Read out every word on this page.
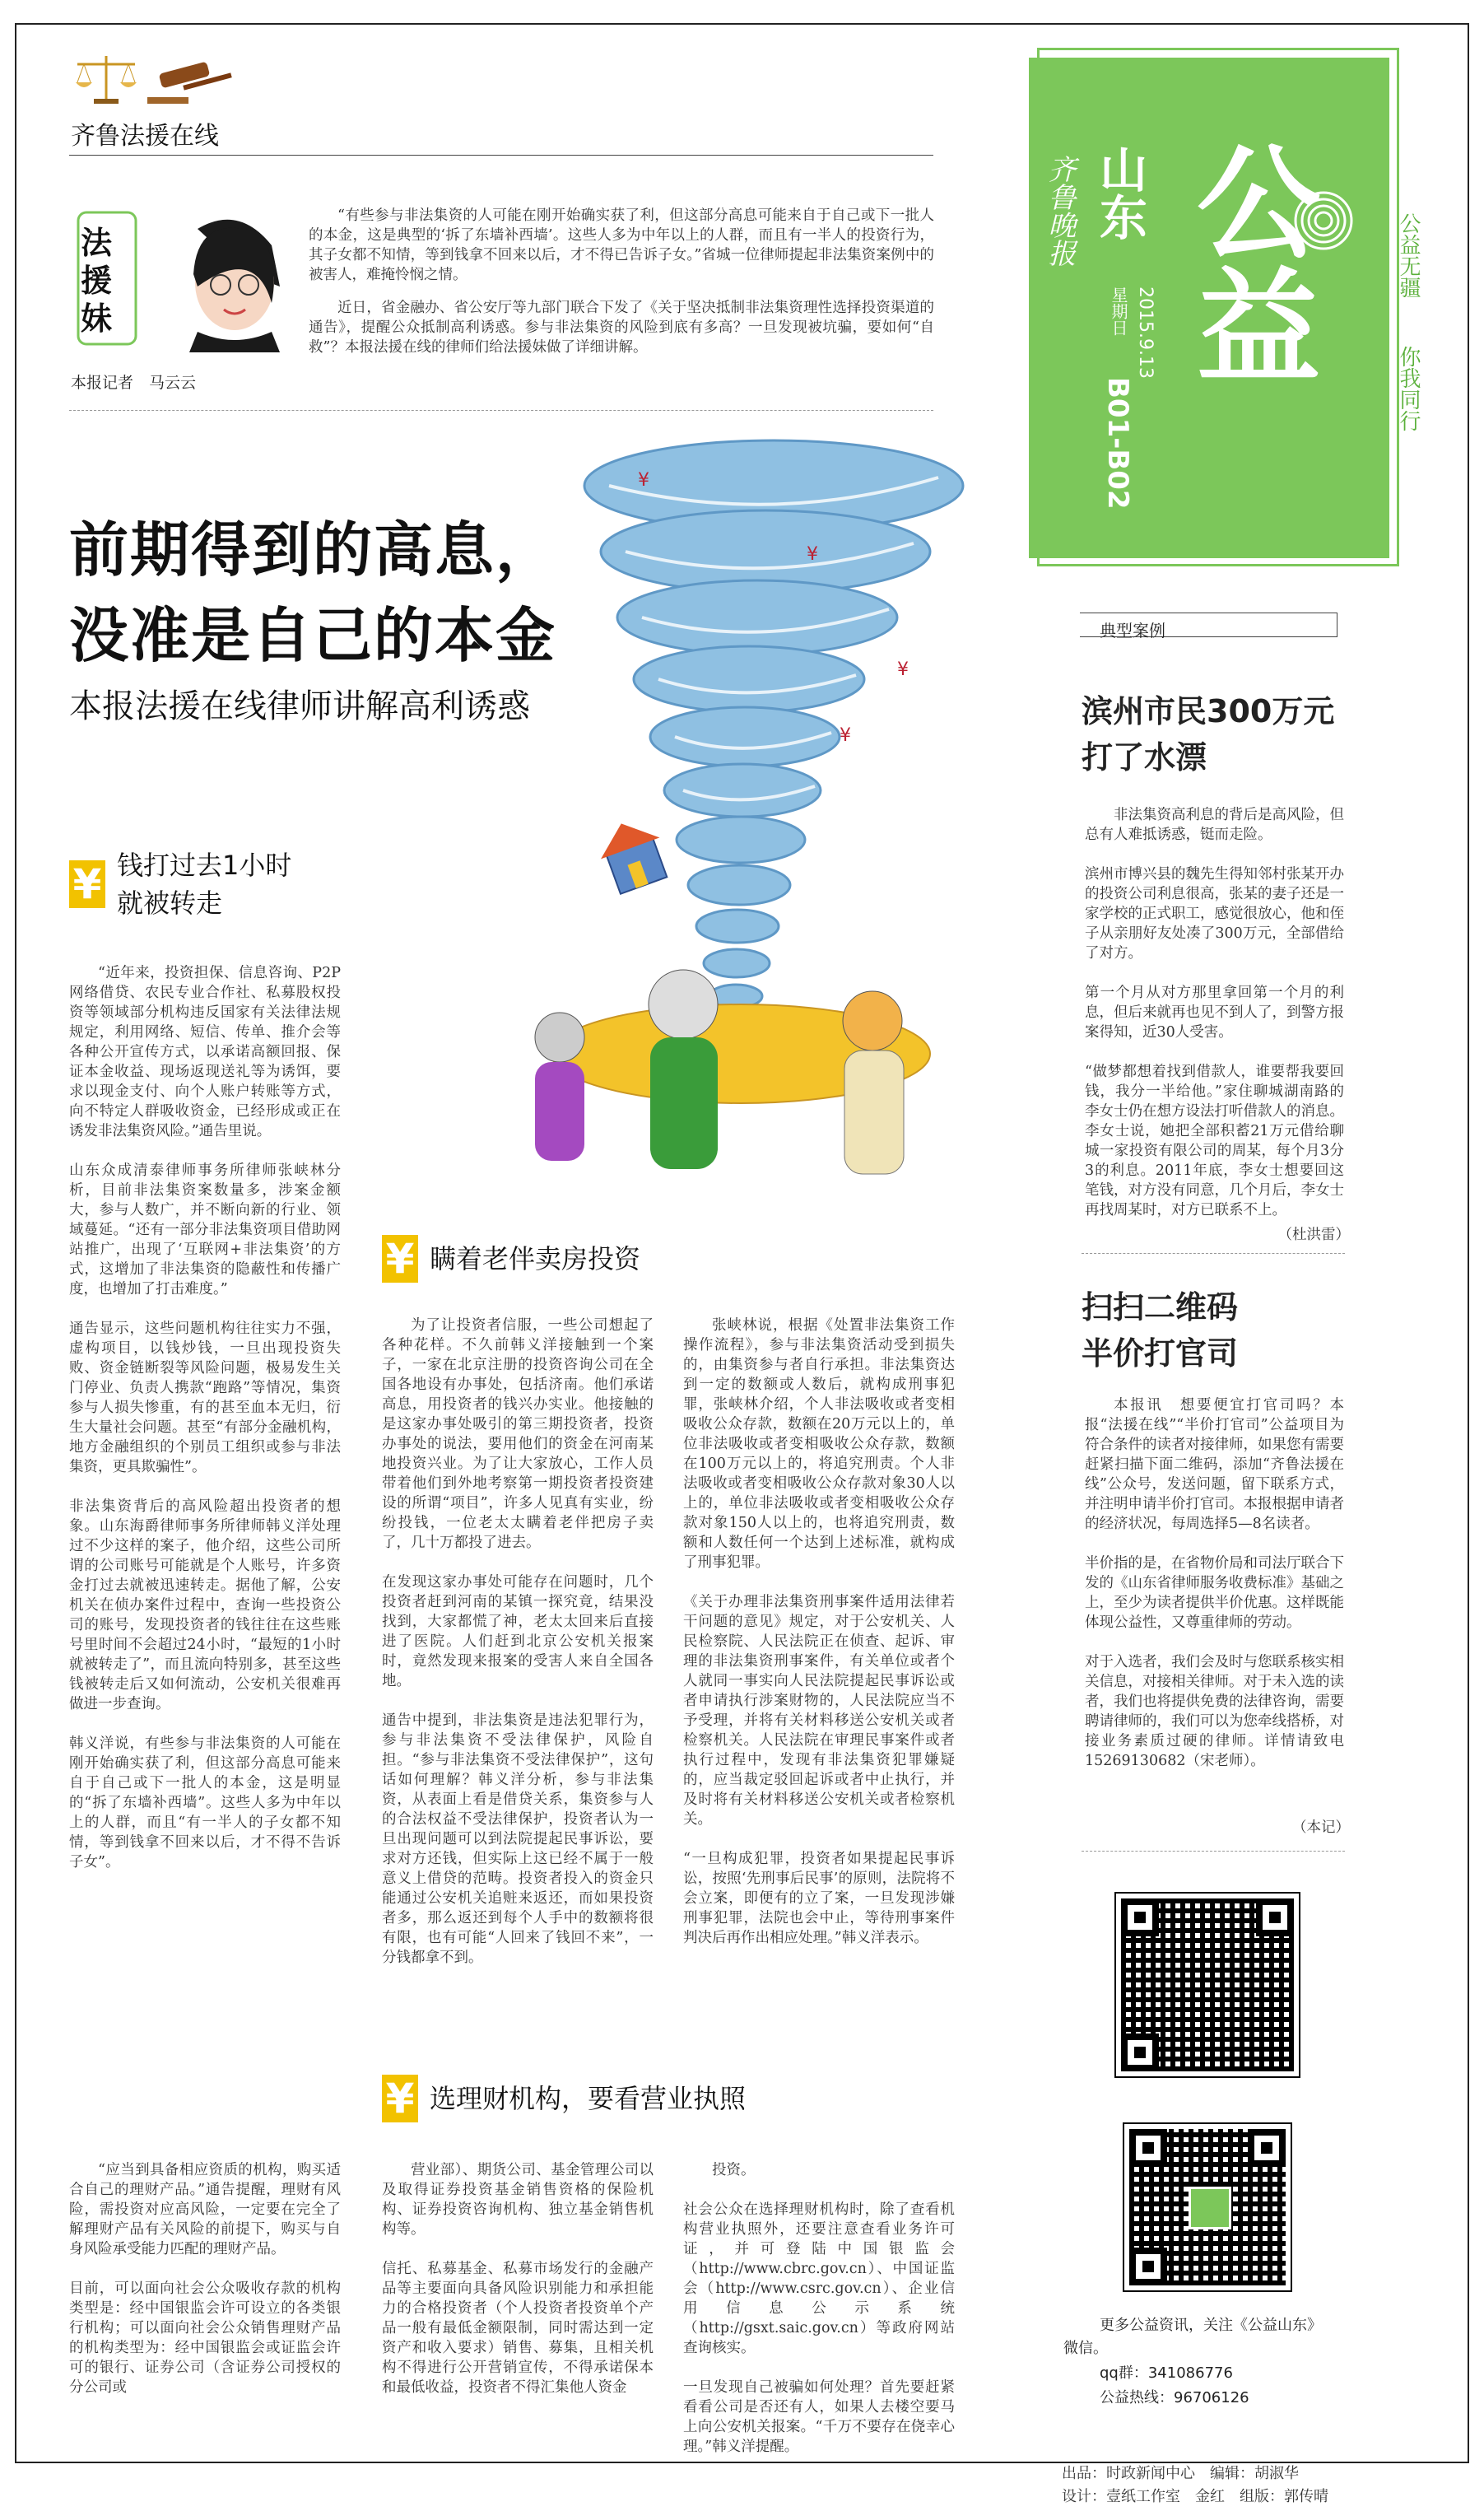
齐鲁法援在线
法
援
妹
本报记者　马云云
“有些参与非法集资的人可能在刚开始确实获了利，但这部分高息可能来自于自己或下一批人的本金，这是典型的‘拆了东墙补西墙’。这些人多为中年以上的人群，而且有一半人的投资行为，其子女都不知情，等到钱拿不回来以后，才不得已告诉子女。”省城一位律师提起非法集资案例中的被害人，难掩怜悯之情。
近日，省金融办、省公安厅等九部门联合下发了《关于坚决抵制非法集资理性选择投资渠道的通告》，提醒公众抵制高利诱惑。参与非法集资的风险到底有多高？一旦发现被坑骗，要如何“自救”？本报法援在线的律师们给法援妹做了详细讲解。
前期得到的高息，
没准是自己的本金
本报法援在线律师讲解高利诱惑
¥
¥
¥
¥
¥ 钱打过去1小时
就被转走
“近年来，投资担保、信息咨询、P2P网络借贷、农民专业合作社、私募股权投资等领域部分机构违反国家有关法律法规规定，利用网络、短信、传单、推介会等各种公开宣传方式，以承诺高额回报、保证本金收益、现场返现送礼等为诱饵，要求以现金支付、向个人账户转账等方式，向不特定人群吸收资金，已经形成或正在诱发非法集资风险。”通告里说。

山东众成清泰律师事务所律师张峡林分析，目前非法集资案数量多，涉案金额大，参与人数广，并不断向新的行业、领域蔓延。“还有一部分非法集资项目借助网站推广，出现了‘互联网+非法集资’的方式，这增加了非法集资的隐蔽性和传播广度，也增加了打击难度。”

通告显示，这些问题机构往往实力不强，虚构项目，以钱炒钱，一旦出现投资失败、资金链断裂等风险问题，极易发生关门停业、负责人携款“跑路”等情况，集资参与人损失惨重，有的甚至血本无归，衍生大量社会问题。甚至“有部分金融机构，地方金融组织的个别员工组织或参与非法集资，更具欺骗性”。

非法集资背后的高风险超出投资者的想象。山东海爵律师事务所律师韩义洋处理过不少这样的案子，他介绍，这些公司所谓的公司账号可能就是个人账号，许多资金打过去就被迅速转走。据他了解，公安机关在侦办案件过程中，查询一些投资公司的账号，发现投资者的钱往往在这些账号里时间不会超过24小时，“最短的1小时就被转走了”，而且流向特别多，甚至这些钱被转走后又如何流动，公安机关很难再做进一步查询。

韩义洋说，有些参与非法集资的人可能在刚开始确实获了利，但这部分高息可能来自于自己或下一批人的本金，这是明显的“拆了东墙补西墙”。这些人多为中年以上的人群，而且“有一半人的子女都不知情，等到钱拿不回来以后，才不得不告诉子女”。
¥ 瞒着老伴卖房投资
为了让投资者信服，一些公司想起了各种花样。不久前韩义洋接触到一个案子，一家在北京注册的投资咨询公司在全国各地设有办事处，包括济南。他们承诺高息，用投资者的钱兴办实业。他接触的是这家办事处吸引的第三期投资者，投资办事处的说法，要用他们的资金在河南某地投资兴业。为了让大家放心，工作人员带着他们到外地考察第一期投资者投资建设的所谓“项目”，许多人见真有实业，纷纷投钱，一位老太太瞒着老伴把房子卖了，几十万都投了进去。

在发现这家办事处可能存在问题时，几个投资者赶到河南的某镇一探究竟，结果没找到，大家都慌了神，老太太回来后直接进了医院。人们赶到北京公安机关报案时，竟然发现来报案的受害人来自全国各地。

通告中提到，非法集资是违法犯罪行为，参与非法集资不受法律保护，风险自担。“参与非法集资不受法律保护”，这句话如何理解？韩义洋分析，参与非法集资，从表面上看是借贷关系，集资参与人的合法权益不受法律保护，投资者认为一旦出现问题可以到法院提起民事诉讼，要求对方还钱，但实际上这已经不属于一般意义上借贷的范畴。投资者投入的资金只能通过公安机关追赃来返还，而如果投资者多，那么返还到每个人手中的数额将很有限，也有可能“人回来了钱回不来”，一分钱都拿不到。
张峡林说，根据《处置非法集资工作操作流程》，参与非法集资活动受到损失的，由集资参与者自行承担。非法集资达到一定的数额或人数后，就构成刑事犯罪，张峡林介绍，个人非法吸收或者变相吸收公众存款，数额在20万元以上的，单位非法吸收或者变相吸收公众存款，数额在100万元以上的，将追究刑责。个人非法吸收或者变相吸收公众存款对象30人以上的，单位非法吸收或者变相吸收公众存款对象150人以上的，也将追究刑责，数额和人数任何一个达到上述标准，就构成了刑事犯罪。

《关于办理非法集资刑事案件适用法律若干问题的意见》规定，对于公安机关、人民检察院、人民法院正在侦查、起诉、审理的非法集资刑事案件，有关单位或者个人就同一事实向人民法院提起民事诉讼或者申请执行涉案财物的，人民法院应当不予受理，并将有关材料移送公安机关或者检察机关。人民法院在审理民事案件或者执行过程中，发现有非法集资犯罪嫌疑的，应当裁定驳回起诉或者中止执行，并及时将有关材料移送公安机关或者检察机关。

“一旦构成犯罪，投资者如果提起民事诉讼，按照‘先刑事后民事’的原则，法院将不会立案，即便有的立了案，一旦发现涉嫌刑事犯罪，法院也会中止，等待刑事案件判决后再作出相应处理。”韩义洋表示。
¥ 选理财机构，要看营业执照
“应当到具备相应资质的机构，购买适合自己的理财产品。”通告提醒，理财有风险，需投资对应高风险，一定要在完全了解理财产品有关风险的前提下，购买与自身风险承受能力匹配的理财产品。

目前，可以面向社会公众吸收存款的机构类型是：经中国银监会许可设立的各类银行机构；可以面向社会公众销售理财产品的机构类型为：经中国银监会或证监会许可的银行、证券公司（含证券公司授权的分公司或
营业部）、期货公司、基金管理公司以及取得证券投资基金销售资格的保险机构、证券投资咨询机构、独立基金销售机构等。

信托、私募基金、私募市场发行的金融产品等主要面向具备风险识别能力和承担能力的合格投资者（个人投资者投资单个产品一般有最低金额限制，同时需达到一定资产和收入要求）销售、募集，且相关机构不得进行公开营销宣传，不得承诺保本和最低收益，投资者不得汇集他人资金
投资。

社会公众在选择理财机构时，除了查看机构营业执照外，还要注意查看业务许可证，并可登陆中国银监会（http://www.cbrc.gov.cn）、中国证监会（http://www.csrc.gov.cn）、企业信用信息公示系统（http://gsxt.saic.gov.cn）等政府网站查询核实。

一旦发现自己被骗如何处理？首先要赶紧看看公司是否还有人，如果人去楼空要马上向公安机关报案。“千万不要存在侥幸心理。”韩义洋提醒。
齐鲁晚报 山东
星期日 2015.9.13
B01-B02
公益	公益无疆
你我同行
典型案例
滨州市民300万元
打了水漂
非法集资高利息的背后是高风险，但总有人难抵诱惑，铤而走险。

滨州市博兴县的魏先生得知邻村张某开办的投资公司利息很高，张某的妻子还是一家学校的正式职工，感觉很放心，他和侄子从亲朋好友处凑了300万元，全部借给了对方。

第一个月从对方那里拿回第一个月的利息，但后来就再也见不到人了，到警方报案得知，近30人受害。

“做梦都想着找到借款人，谁要帮我要回钱，我分一半给他。”家住聊城湖南路的李女士仍在想方设法打听借款人的消息。李女士说，她把全部积蓄21万元借给聊城一家投资有限公司的周某，每个月3分3的利息。2011年底，李女士想要回这笔钱，对方没有同意，几个月后，李女士再找周某时，对方已联系不上。
（杜洪雷）
扫扫二维码
半价打官司
本报讯　想要便宜打官司吗？本报“法援在线”“半价打官司”公益项目为符合条件的读者对接律师，如果您有需要赶紧扫描下面二维码，添加“齐鲁法援在线”公众号，发送问题，留下联系方式，并注明申请半价打官司。本报根据申请者的经济状况，每周选择5—8名读者。

半价指的是，在省物价局和司法厅联合下发的《山东省律师服务收费标准》基础之上，至少为读者提供半价优惠。这样既能体现公益性，又尊重律师的劳动。

对于入选者，我们会及时与您联系核实相关信息，对接相关律师。对于未入选的读者，我们也将提供免费的法律咨询，需要聘请律师的，我们可以为您牵线搭桥，对接业务素质过硬的律师。详情请致电15269130682（宋老师）。
（本记）
更多公益资讯，关注《公益山东》
微信。
qq群：341086776
公益热线：96706126
出品：时政新闻中心　编辑：胡淑华
设计：壹纸工作室　金红　组版：郭传晴
